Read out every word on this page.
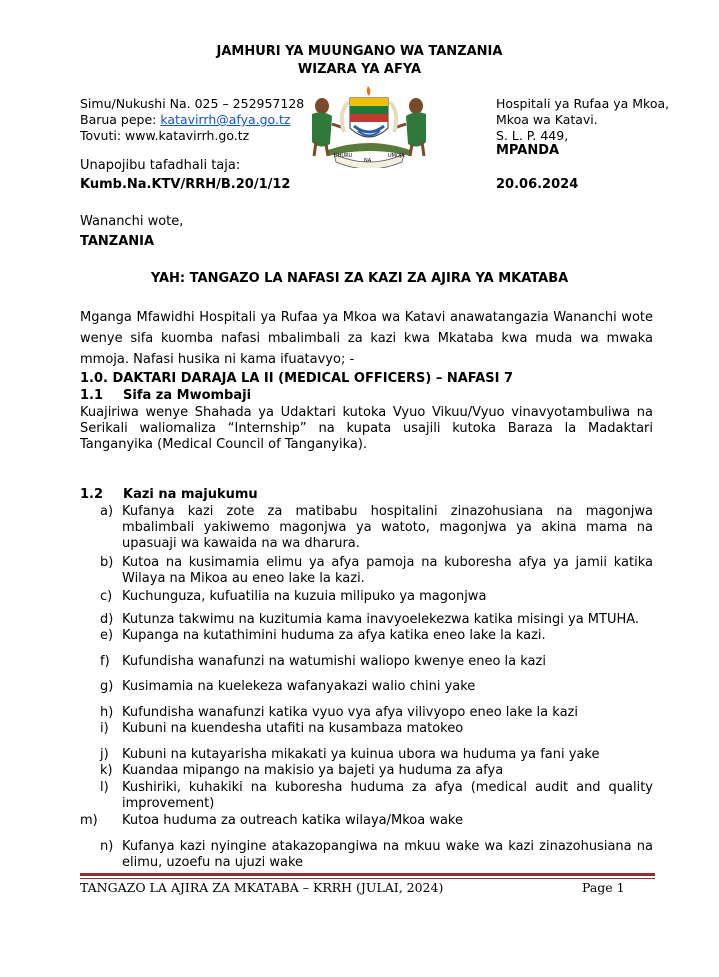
JAMHURI YA MUUNGANO WA TANZANIA
WIZARA YA AFYA
Simu/Nukushi Na. 025 – 252957128
Barua pepe: katavirrh@afya.go.tz
Tovuti: www.katavirrh.go.tz
UHURU
NA
UMOJA
Hospitali ya Rufaa ya Mkoa,
Mkoa wa Katavi.
S. L. P. 449,
MPANDA
Unapojibu tafadhali taja:
Kumb.Na.KTV/RRH/B.20/1/12	20.06.2024
Wananchi wote,
TANZANIA
YAH: TANGAZO LA NAFASI ZA KAZI ZA AJIRA YA MKATABA
Mganga Mfawidhi Hospitali ya Rufaa ya Mkoa wa Katavi anawatangazia Wananchi wote wenye sifa kuomba nafasi mbalimbali za kazi kwa Mkataba kwa muda wa mwaka mmoja. Nafasi husika ni kama ifuatavyo; -
1.0. DAKTARI DARAJA LA II (MEDICAL OFFICERS) – NAFASI 7
1.1 Sifa za Mwombaji
Kuajiriwa wenye Shahada ya Udaktari kutoka Vyuo Vikuu/Vyuo vinavyotambuliwa na Serikali waliomaliza “Internship” na kupata usajili kutoka Baraza la Madaktari Tanganyika (Medical Council of Tanganyika).
1.2 Kazi na majukumu
a) Kufanya kazi zote za matibabu hospitalini zinazohusiana na magonjwa mbalimbali yakiwemo magonjwa ya watoto, magonjwa ya akina mama na upasuaji wa kawaida na wa dharura.
b) Kutoa na kusimamia elimu ya afya pamoja na kuboresha afya ya jamii katika Wilaya na Mikoa au eneo lake la kazi.
c) Kuchunguza, kufuatilia na kuzuia milipuko ya magonjwa
d) Kutunza takwimu na kuzitumia kama inavyoelekezwa katika misingi ya MTUHA.
e) Kupanga na kutathimini huduma za afya katika eneo lake la kazi.
f) Kufundisha wanafunzi na watumishi waliopo kwenye eneo la kazi
g) Kusimamia na kuelekeza wafanyakazi walio chini yake
h) Kufundisha wanafunzi katika vyuo vya afya vilivyopo eneo lake la kazi
i) Kubuni na kuendesha utafiti na kusambaza matokeo
j) Kubuni na kutayarisha mikakati ya kuinua ubora wa huduma ya fani yake
k) Kuandaa mipango na makisio ya bajeti ya huduma za afya
l) Kushiriki, kuhakiki na kuboresha huduma za afya (medical audit and quality improvement)
m) Kutoa huduma za outreach katika wilaya/Mkoa wake
n) Kufanya kazi nyingine atakazopangiwa na mkuu wake wa kazi zinazohusiana na elimu, uzoefu na ujuzi wake
TANGAZO LA AJIRA ZA MKATABA – KRRH (JULAI, 2024)	Page 1
